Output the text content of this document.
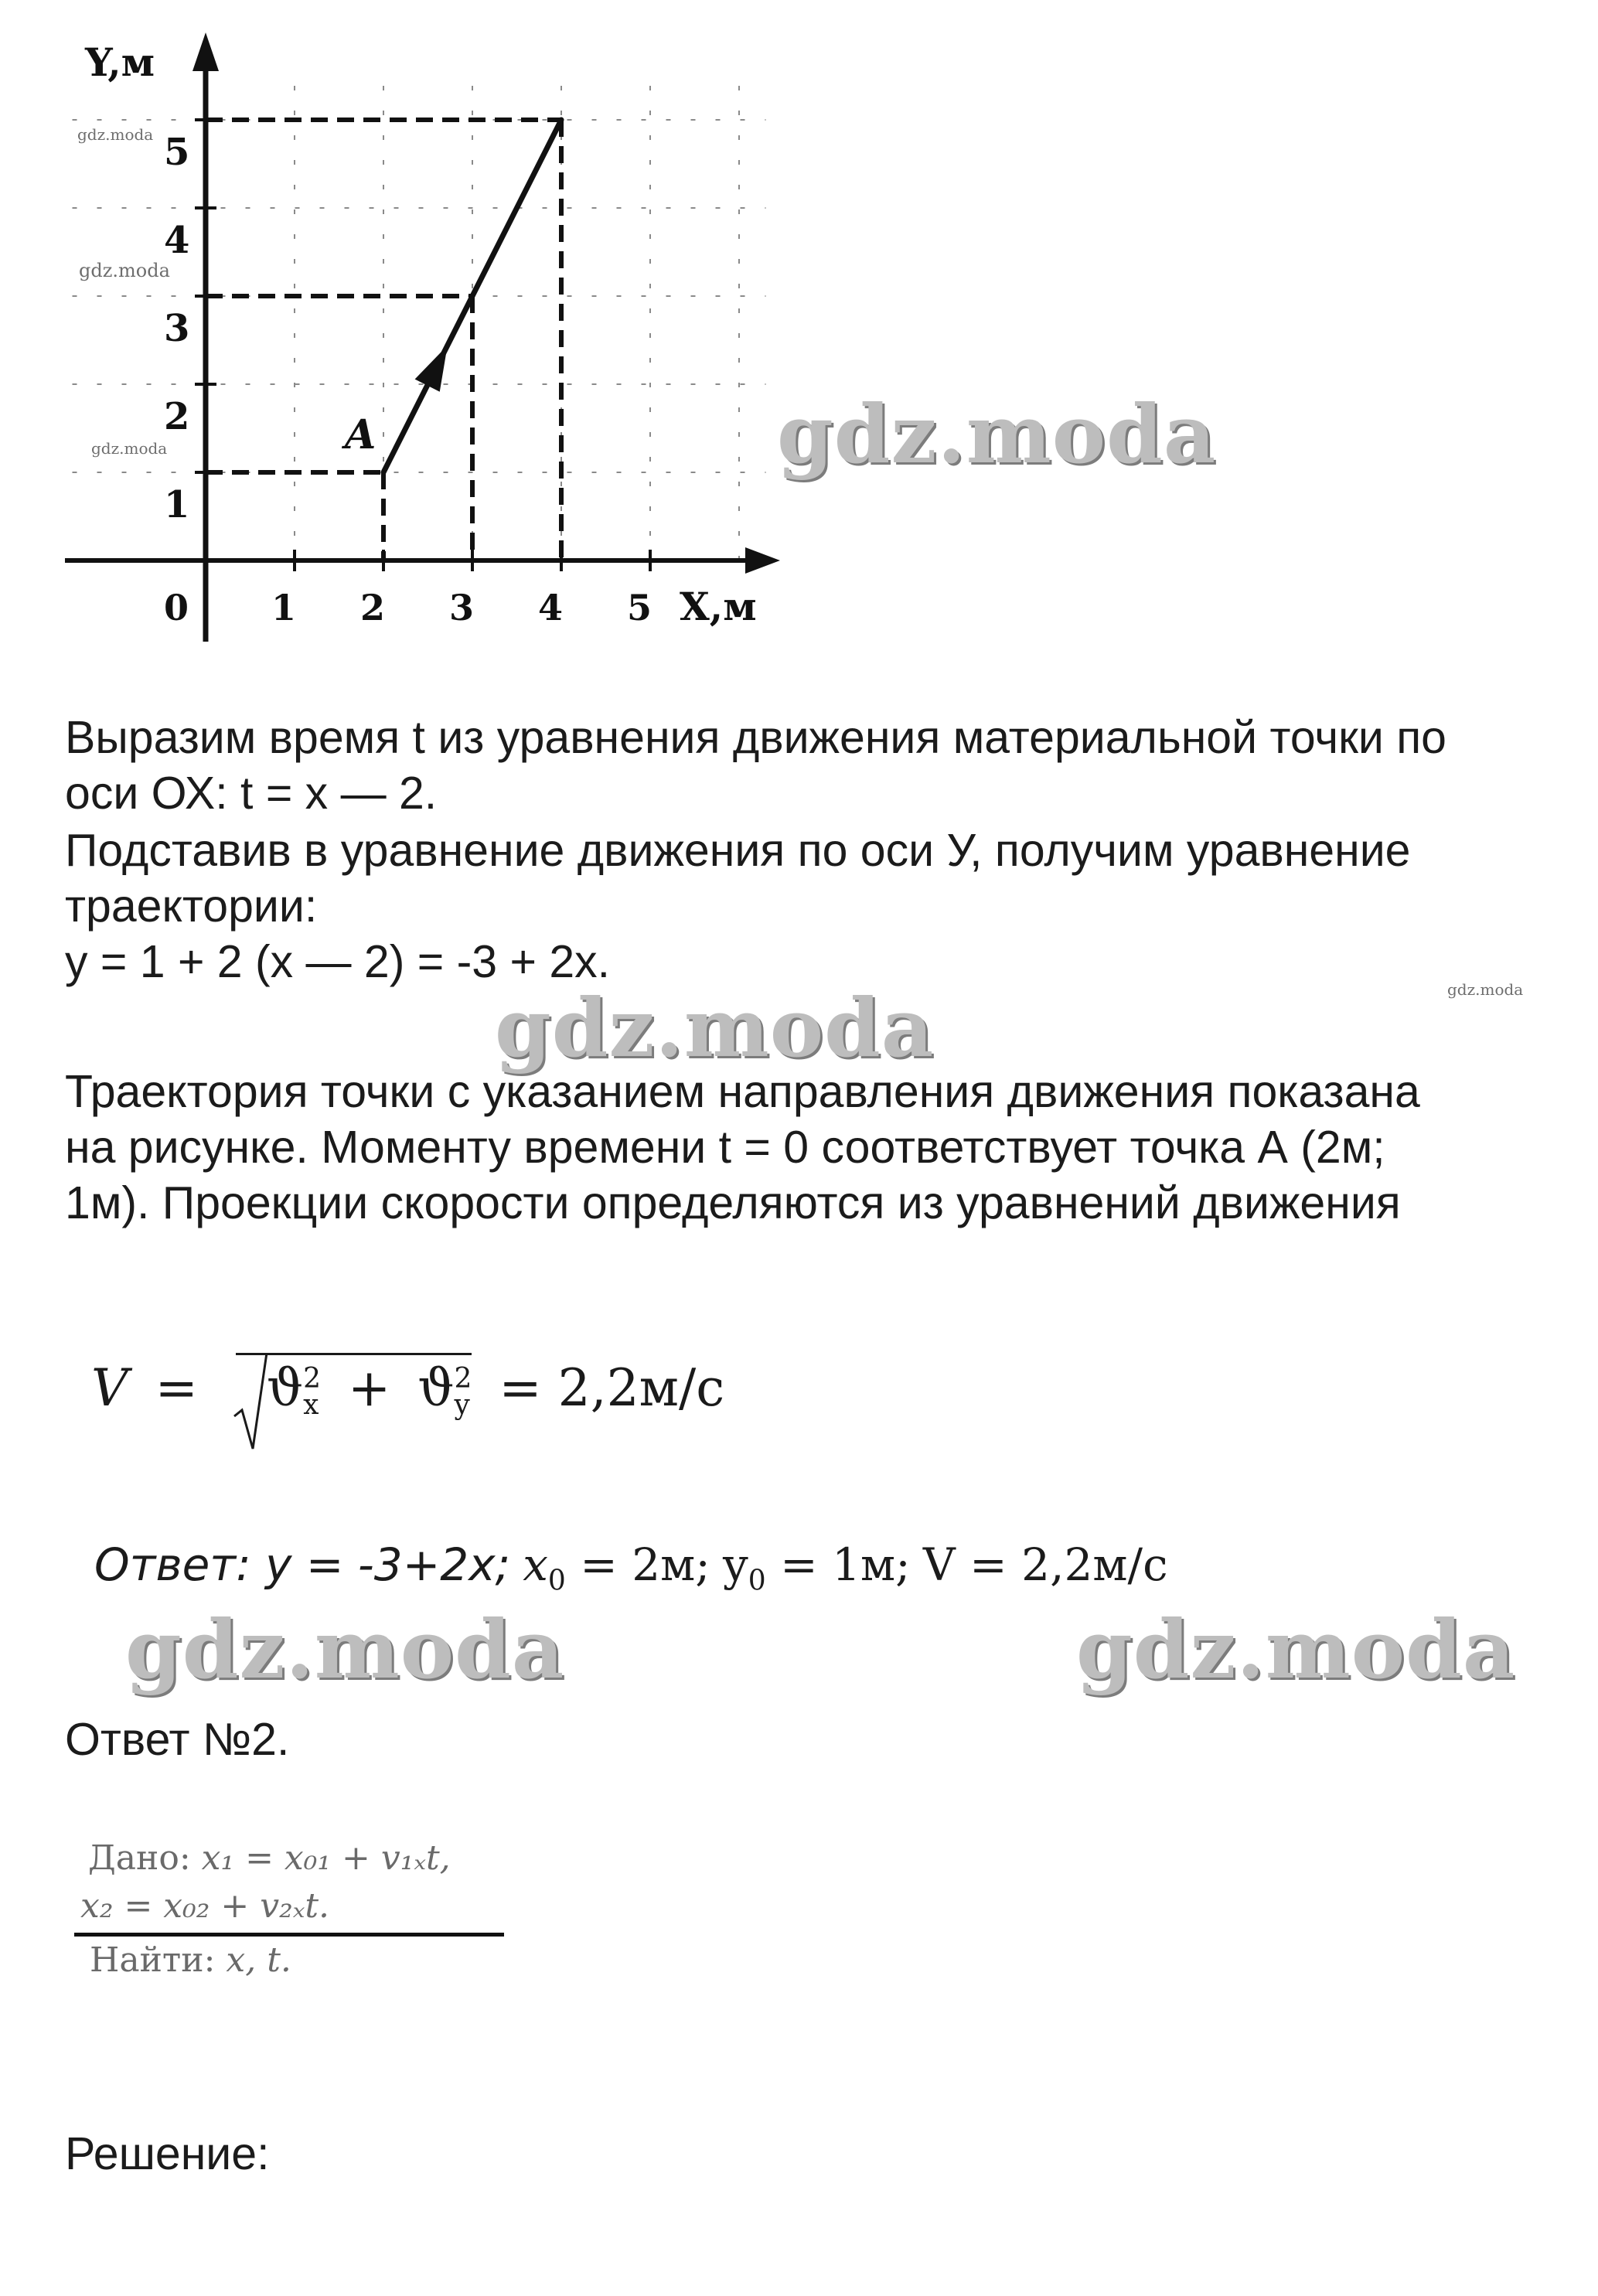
1 2 3 4 5
1
2
3
4
5
Y,м
X,м
0
A
gdz.moda
gdz.moda
gdz.moda
gdz.moda
gdz.moda
gdz.moda
gdz.moda	gdz.moda
Выразим время t из уравнения движения материальной точки по
оси ОХ: t = x — 2.
Подставив в уравнение движения по оси У, получим уравнение
траектории:
y = 1 + 2 (x — 2) = -3 + 2x.
Траектория точки с указанием направления движения показана
на рисунке. Моменту времени t = 0 соответствует точка А (2м;
1м). Проекции скорости определяются из уравнений движения
V = ϑ 2
x + ϑ 2
y = 2,2м/с
Ответ: y = -3+2x; $x_0 = 2м$; $y_0 = 1м$; V = 2,2м/с
Ответ №2.
Дано: x₁ = x₀₁ + v₁ₓt,
x₂ = x₀₂ + v₂ₓt.
Найти: x, t.
Решение:
